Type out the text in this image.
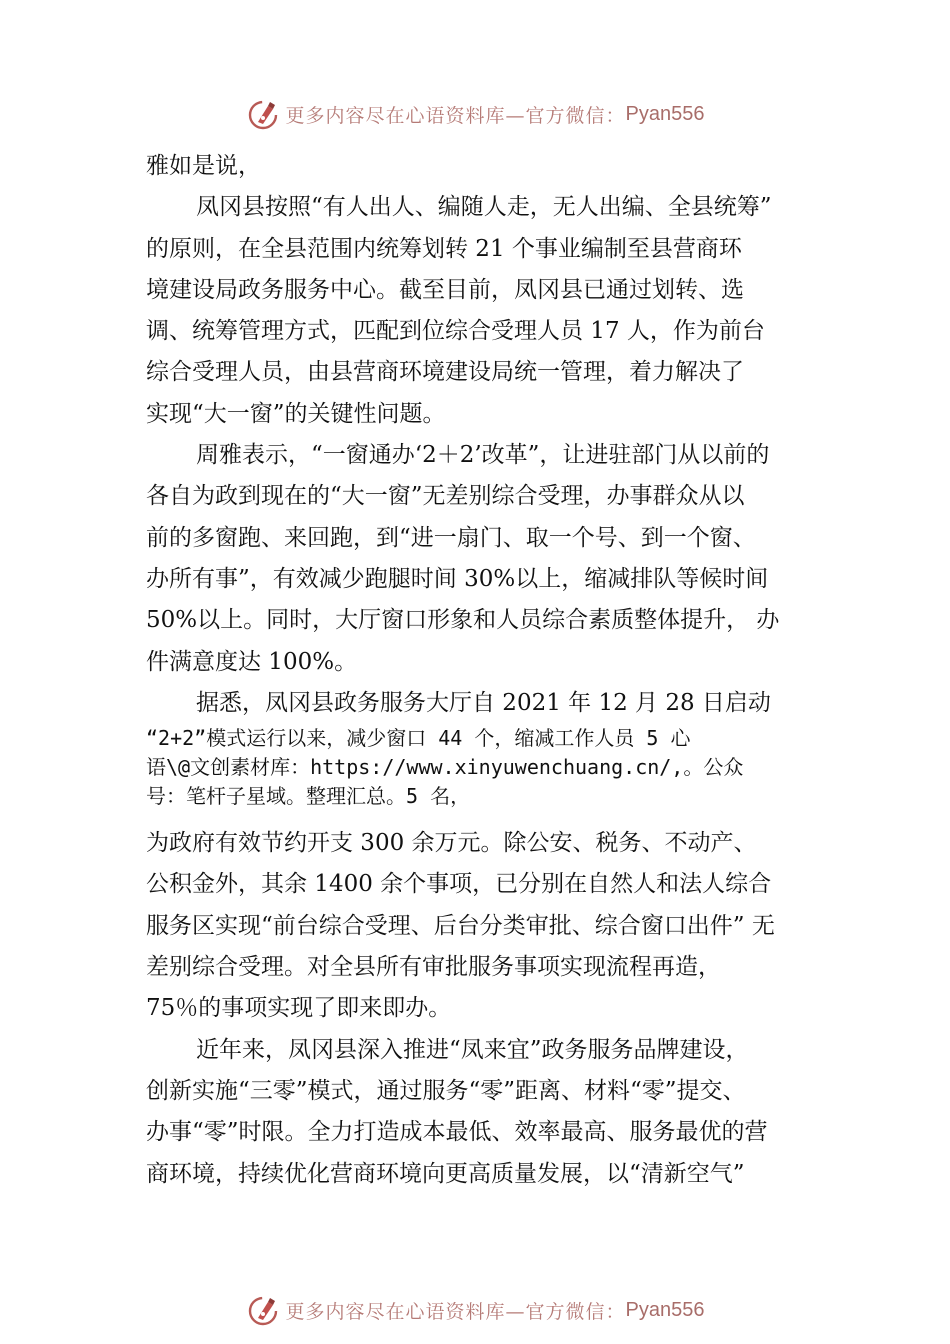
更多内容尽在心语资料库—官方微信： Pyan556

雅如是说，

凤冈县按照“有人出人、编随人走，无人出编、全县统筹”

的原则，在全县范围内统筹划转 21 个事业编制至县营商环

境建设局政务服务中心。截至目前，凤冈县已通过划转、选

调、统筹管理方式，匹配到位综合受理人员 17 人，作为前台

综合受理人员，由县营商环境建设局统一管理，着力解决了

实现“大一窗”的关键性问题。

周雅表示，“一窗通办‘2＋2’改革”，让进驻部门从以前的

各自为政到现在的“大一窗”无差别综合受理，办事群众从以

前的多窗跑、来回跑，到“进一扇门、取一个号、到一个窗、

办所有事”，有效减少跑腿时间 30%以上，缩减排队等候时间

50%以上。同时，大厅窗口形象和人员综合素质整体提升， 办

件满意度达 100%。

据悉，凤冈县政务服务大厅自 2021 年 12 月 28 日启动

“2+2”模式运行以来，减少窗口 44 个，缩减工作人员 5 心

语\@文创素材库：https://www.xinyuwenchuang.cn/,。公众

号：笔杆子星域。整理汇总。5 名，

为政府有效节约开支 300 余万元。除公安、税务、不动产、

公积金外，其余 1400 余个事项，已分别在自然人和法人综合

服务区实现“前台综合受理、后台分类审批、综合窗口出件” 无

差别综合受理。对全县所有审批服务事项实现流程再造，

75％的事项实现了即来即办。

近年来，凤冈县深入推进“凤来宜”政务服务品牌建设，

创新实施“三零”模式，通过服务“零”距离、材料“零”提交、

办事“零”时限。全力打造成本最低、效率最高、服务最优的营

商环境，持续优化营商环境向更高质量发展，以“清新空气”

更多内容尽在心语资料库—官方微信： Pyan556
